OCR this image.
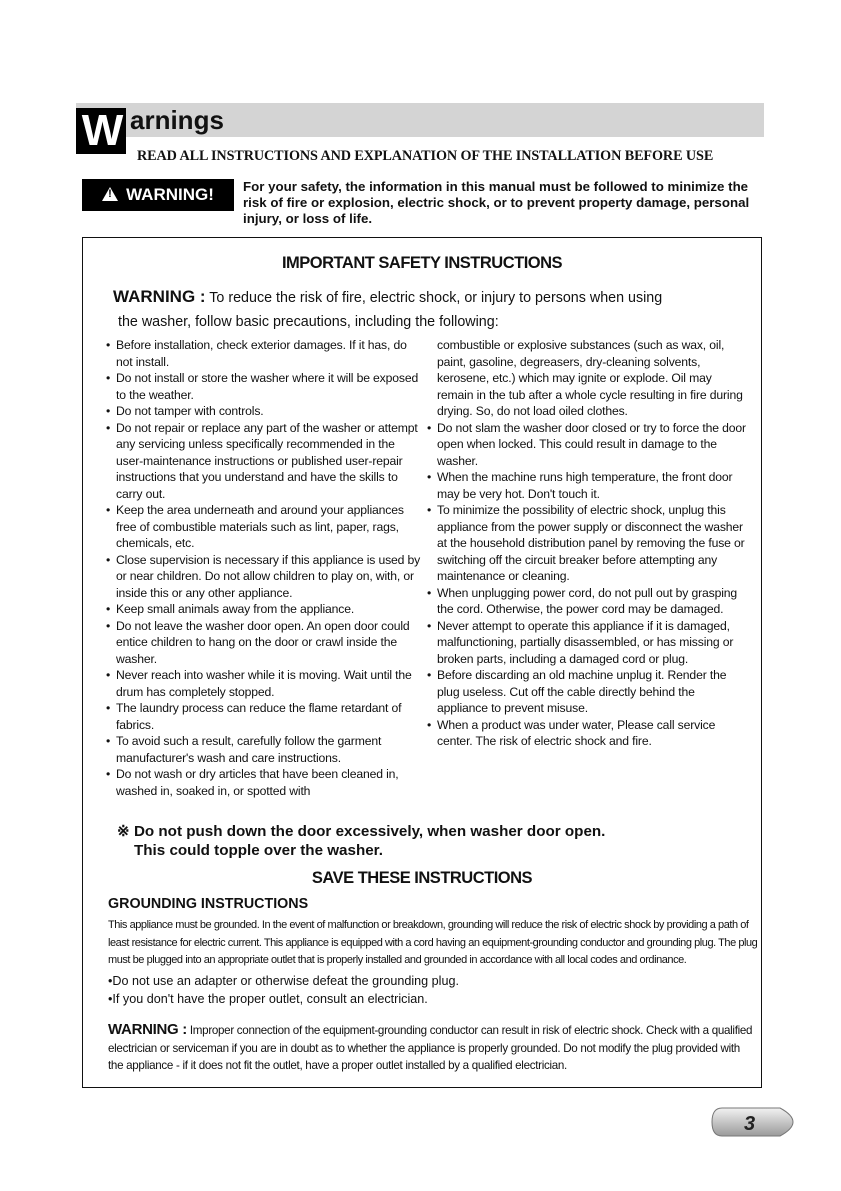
W arnings
READ ALL INSTRUCTIONS AND EXPLANATION OF THE INSTALLATION BEFORE USE
!WARNING!	For your safety, the information in this manual must be followed to minimize the risk of fire or explosion, electric shock, or to prevent property damage, personal injury, or loss of life.
IMPORTANT SAFETY INSTRUCTIONS
WARNING : To reduce the risk of fire, electric shock, or injury to persons when using
the washer, follow basic precautions, including the following:
• Before installation, check exterior damages. If it has, do not install.
• Do not install or store the washer where it will be exposed to the weather.
• Do not tamper with controls.
• Do not repair or replace any part of the washer or attempt any servicing unless specifically recommended in the user-maintenance instructions or published user-repair instructions that you understand and have the skills to carry out.
• Keep the area underneath and around your appliances free of combustible materials such as lint, paper, rags, chemicals, etc.
• Close supervision is necessary if this appliance is used by or near children. Do not allow children to play on, with, or inside this or any other appliance.
• Keep small animals away from the appliance.
• Do not leave the washer door open. An open door could entice children to hang on the door or crawl inside the washer.
• Never reach into washer while it is moving. Wait until the drum has completely stopped.
• The laundry process can reduce the flame retardant of fabrics.
• To avoid such a result, carefully follow the garment manufacturer's wash and care instructions.
• Do not wash or dry articles that have been cleaned in, washed in, soaked in, or spotted with
combustible or explosive substances (such as wax, oil, paint, gasoline, degreasers, dry-cleaning solvents, kerosene, etc.) which may ignite or explode. Oil may remain in the tub after a whole cycle resulting in fire during drying. So, do not load oiled clothes.
• Do not slam the washer door closed or try to force the door open when locked. This could result in damage to the washer.
• When the machine runs high temperature, the front door may be very hot. Don't touch it.
• To minimize the possibility of electric shock, unplug this appliance from the power supply or disconnect the washer at the household distribution panel by removing the fuse or switching off the circuit breaker before attempting any maintenance or cleaning.
• When unplugging power cord, do not pull out by grasping the cord. Otherwise, the power cord may be damaged.
• Never attempt to operate this appliance if it is damaged, malfunctioning, partially disassembled, or has missing or broken parts, including a damaged cord or plug.
• Before discarding an old machine unplug it. Render the plug useless. Cut off the cable directly behind the appliance to prevent misuse.
• When a product was under water, Please call service center. The risk of electric shock and fire.
※ Do not push down the door excessively, when washer door open.
This could topple over the washer.
SAVE THESE INSTRUCTIONS
GROUNDING INSTRUCTIONS
This appliance must be grounded. In the event of malfunction or breakdown, grounding will reduce the risk of electric shock by providing a path of least resistance for electric current. This appliance is equipped with a cord having an equipment-grounding conductor and grounding plug. The plug must be plugged into an appropriate outlet that is properly installed and grounded in accordance with all local codes and ordinance.
•Do not use an adapter or otherwise defeat the grounding plug.
•If you don't have the proper outlet, consult an electrician.
WARNING : Improper connection of the equipment-grounding conductor can result in risk of electric shock. Check with a qualified electrician or serviceman if you are in doubt as to whether the appliance is properly grounded. Do not modify the plug provided with the appliance - if it does not fit the outlet, have a proper outlet installed by a qualified electrician.
3
